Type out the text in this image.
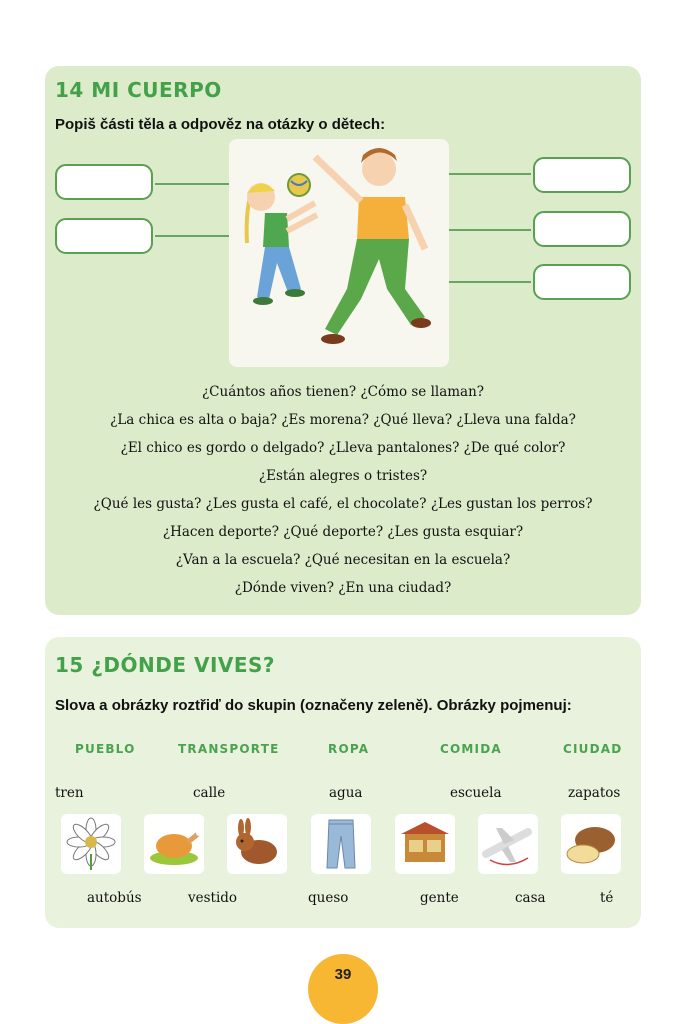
14 MI CUERPO

Popiš části těla a odpověz na otázky o dětech:

¿Cuántos años tienen? ¿Cómo se llaman?
¿La chica es alta o baja? ¿Es morena? ¿Qué lleva? ¿Lleva una falda?
¿El chico es gordo o delgado? ¿Lleva pantalones? ¿De qué color?
¿Están alegres o tristes?
¿Qué les gusta? ¿Les gusta el café, el chocolate? ¿Les gustan los perros?
¿Hacen deporte? ¿Qué deporte? ¿Les gusta esquiar?
¿Van a la escuela? ¿Qué necesitan en la escuela?
¿Dónde viven? ¿En una ciudad?
15 ¿DÓNDE VIVES?

Slova a obrázky roztřiď do skupin (označeny zeleně). Obrázky pojmenuj:

PUEBLO	TRANSPORTE	ROPA	COMIDA	CIUDAD
tren	calle	agua	escuela	zapatos
autobús	vestido	queso	gente	casa	té
39
